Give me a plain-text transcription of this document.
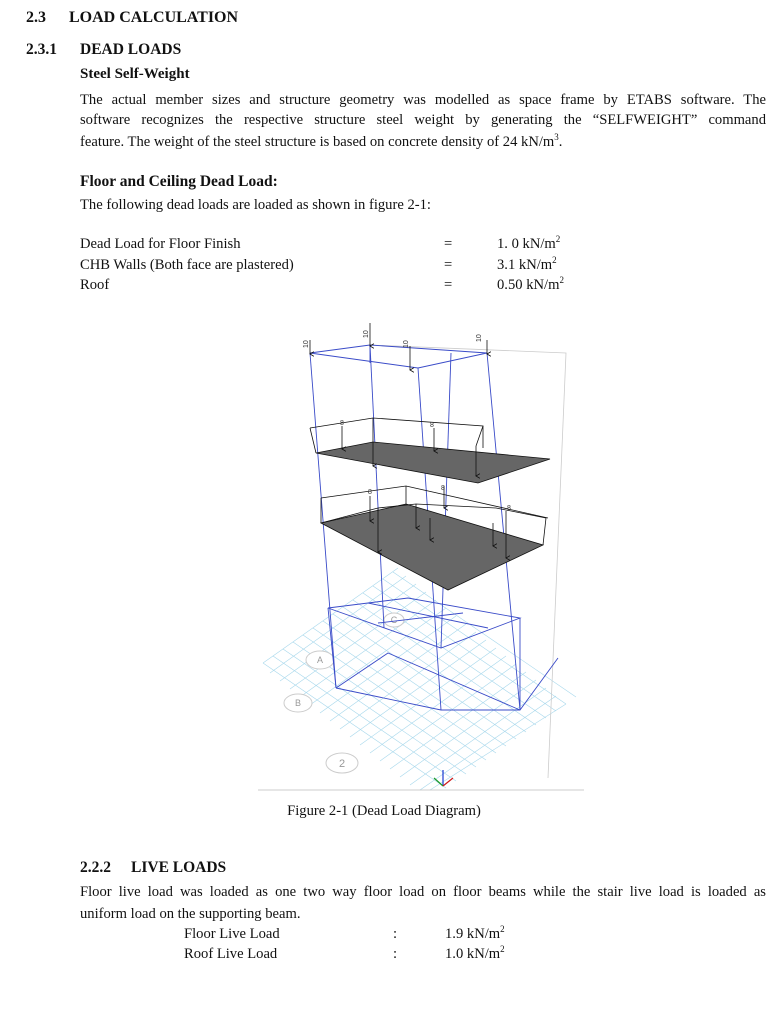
2.3 LOAD CALCULATION
2.3.1 DEAD LOADS
Steel Self-Weight
The actual member sizes and structure geometry was modelled as space frame by ETABS software. The
software recognizes the respective structure steel weight by generating the “SELFWEIGHT” command
feature. The weight of the steel structure is based on concrete density of 24 $kN/m^3$.
Floor and Ceiling Dead Load:
The following dead loads are loaded as shown in figure 2-1:
Dead Load for Floor Finish	=	1. 0 $kN/m^2$
CHB Walls (Both face are plastered)	=	3.1 $kN/m^2$
Roof	=	0.50 $kN/m^2$
A
B
C
2
10
10
10
10
8	8
8
8
8
Figure 2-1 (Dead Load Diagram)
2.2.2 LIVE LOADS
Floor live load was loaded as one two way floor load on floor beams while the stair live load is loaded as
uniform load on the supporting beam.
Floor Live Load	:	1.9 $kN/m^2$
Roof Live Load	:	1.0 $kN/m^2$
